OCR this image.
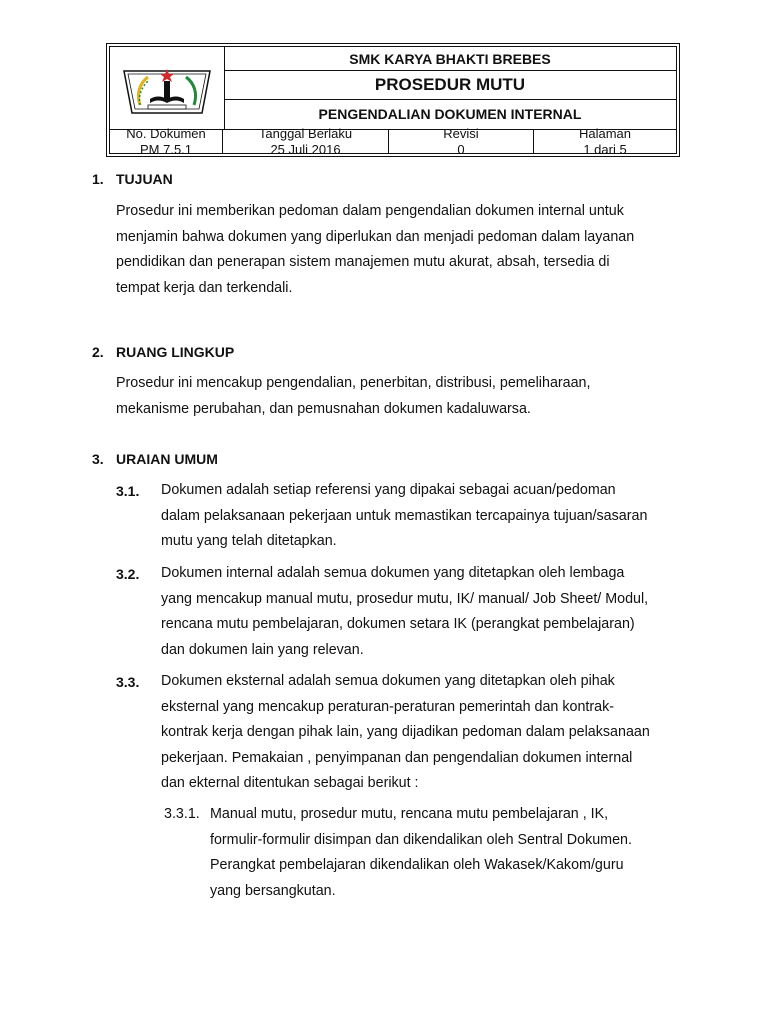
SMK KARYA BHAKTI BREBES
PROSEDUR MUTU
PENGENDALIAN DOKUMEN INTERNAL
No. Dokumen
PM 7.5.1
Tanggal Berlaku
25 Juli 2016
Revisi
0
Halaman
1 dari 5
1. TUJUAN
Prosedur ini memberikan pedoman dalam pengendalian dokumen internal untuk
menjamin bahwa dokumen yang diperlukan dan menjadi pedoman dalam layanan
pendidikan dan penerapan sistem manajemen mutu akurat, absah, tersedia di
tempat kerja dan terkendali.
2. RUANG LINGKUP
Prosedur ini mencakup pengendalian, penerbitan, distribusi, pemeliharaan,
mekanisme perubahan, dan pemusnahan dokumen kadaluwarsa.
3. URAIAN UMUM
3.1. Dokumen adalah setiap referensi yang dipakai sebagai acuan/pedoman
dalam pelaksanaan pekerjaan untuk memastikan tercapainya tujuan/sasaran
mutu yang telah ditetapkan.
3.2. Dokumen internal adalah semua dokumen yang ditetapkan oleh lembaga
yang mencakup manual mutu, prosedur mutu, IK/ manual/ Job Sheet/ Modul,
rencana mutu pembelajaran, dokumen setara IK (perangkat pembelajaran)
dan dokumen lain yang relevan.
3.3. Dokumen eksternal adalah semua dokumen yang ditetapkan oleh pihak
eksternal yang mencakup peraturan-peraturan pemerintah dan kontrak-
kontrak kerja dengan pihak lain, yang dijadikan pedoman dalam pelaksanaan
pekerjaan. Pemakaian , penyimpanan dan pengendalian dokumen internal
dan ekternal ditentukan sebagai berikut :
3.3.1. Manual mutu, prosedur mutu, rencana mutu pembelajaran , IK,
formulir-formulir disimpan dan dikendalikan oleh Sentral Dokumen.
Perangkat pembelajaran dikendalikan oleh Wakasek/Kakom/guru
yang bersangkutan.
